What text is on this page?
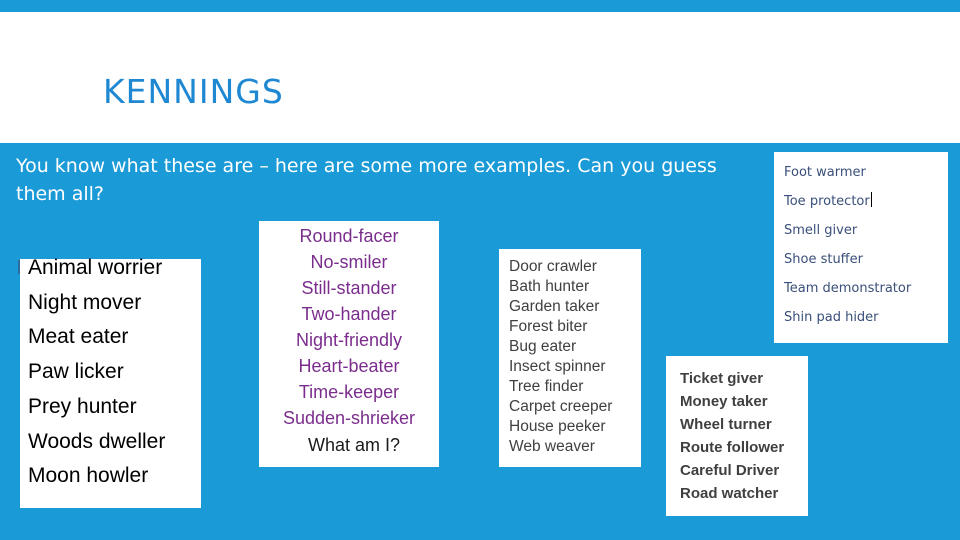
KENNINGS
You know what these are – here are some more examples. Can you guess them all?
Animal worrier
Night mover
Meat eater
Paw licker
Prey hunter
Woods dweller
Moon howler
Round-facer
No-smiler
Still-stander
Two-hander
Night-friendly
Heart-beater
Time-keeper
Sudden-shrieker
What am I?
Door crawler
Bath hunter
Garden taker
Forest biter
Bug eater
Insect spinner
Tree finder
Carpet creeper
House peeker
Web weaver
Ticket giver
Money taker
Wheel turner
Route follower
Careful Driver
Road watcher
Foot warmer
Toe protector
Smell giver
Shoe stuffer
Team demonstrator
Shin pad hider
